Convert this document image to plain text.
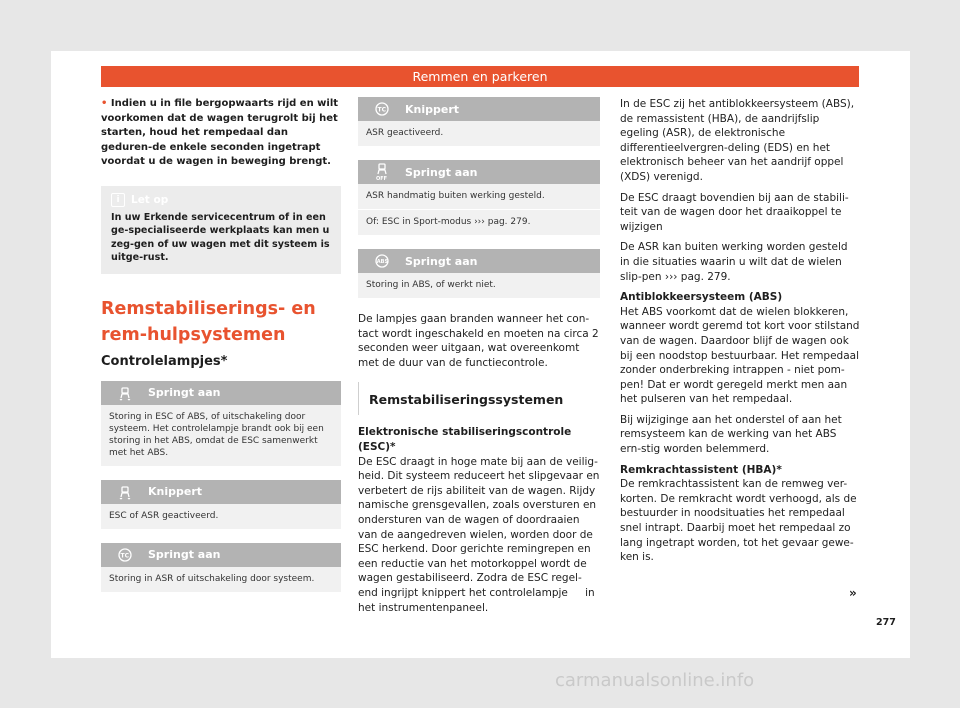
Remmen en parkeren

• Indien u in file bergopwaarts rijd en wilt voorkomen dat de wagen terugrolt bij het starten, houd het rempedaal dan geduren-de enkele seconden ingetrapt voordat u de wagen in beweging brengt.

i	Let op
In uw Erkende servicecentrum of in een ge-specialiseerde werkplaats kan men u zeg-gen of uw wagen met dit systeem is uitge-rust.
Remstabiliserings- en rem-hulpsystemen
Controlelampjes*
Springt aan
Storing in ESC of ABS, of uitschakeling door systeem. Het controlelampje brandt ook bij een storing in het ABS, omdat de ESC samenwerkt met het ABS.
Knippert
ESC of ASR geactiveerd.
TC Springt aan
Storing in ASR of uitschakeling door systeem.
TC Knippert
ASR geactiveerd.
OFF
Springt aan
ASR handmatig buiten werking gesteld.
Of: ESC in Sport-modus ››› pag. 279.
ABS Springt aan
Storing in ABS, of werkt niet.

De lampjes gaan branden wanneer het con-tact wordt ingeschakeld en moeten na circa 2 seconden weer uitgaan, wat overeenkomt met de duur van de functiecontrole.

Remstabiliseringssystemen

Elektronische stabiliseringscontrole (ESC)*

De ESC draagt in hoge mate bij aan de veilig-heid. Dit systeem reduceert het slipgevaar en verbetert de rijs abiliteit van de wagen. Rijdy namische grensgevallen, zoals oversturen en ondersturen van de wagen of doordraaien van de aangedreven wielen, worden door de ESC herkend. Door gerichte remingrepen en een reductie van het motorkoppel wordt de wagen gestabiliseerd. Zodra de ESC regel-end ingrijpt knippert het controlelampje   in het instrumentenpaneel.

In de ESC zij het antiblokkeersysteem (ABS), de remassistent (HBA), de aandrijfslip egeling (ASR), de elektronische differentieelvergren-deling (EDS) en het elektronisch beheer van het aandrijf oppel (XDS) verenigd.

De ESC draagt bovendien bij aan de stabili-teit van de wagen door het draaikoppel te wijzigen

De ASR kan buiten werking worden gesteld in die situaties waarin u wilt dat de wielen slip-pen ››› pag. 279.

Antiblokkeersysteem (ABS)

Het ABS voorkomt dat de wielen blokkeren, wanneer wordt geremd tot kort voor stilstand van de wagen. Daardoor blijf de wagen ook bij een noodstop bestuurbaar. Het rempedaal zonder onderbreking intrappen - niet pom-pen! Dat er wordt geregeld merkt men aan het pulseren van het rempedaal.

Bij wijzigingе aan het onderstel of aan het remsysteem kan de werking van het ABS ern-stig worden belemmerd.

Remkrachtassistent (HBA)*

De remkrachtassistent kan de remweg ver-korten. De remkracht wordt verhoogd, als de bestuurder in noodsituaties het rempedaal snel intrapt. Daarbij moet het rempedaal zo lang ingetrapt worden, tot het gevaar gewe-ken is.

»
277
carmanualsonline.info
